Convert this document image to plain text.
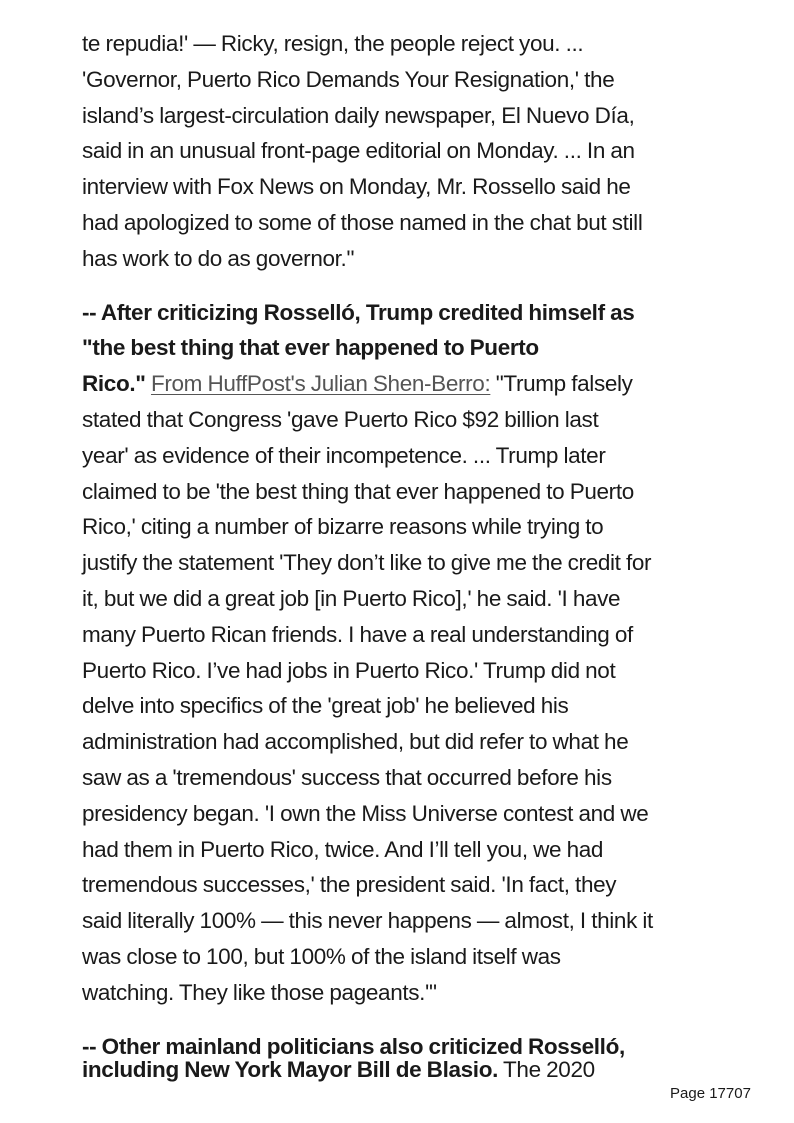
te repudia!' — Ricky, resign, the people reject you. ...
'Governor, Puerto Rico Demands Your Resignation,' the
island’s largest-circulation daily newspaper, El Nuevo Día,
said in an unusual front-page editorial on Monday. ... In an
interview with Fox News on Monday, Mr. Rossello said he
had apologized to some of those named in the chat but still
has work to do as governor."
-- After criticizing Rosselló, Trump credited himself as
"the best thing that ever happened to Puerto
Rico." From HuffPost's Julian Shen-Berro: "Trump falsely
stated that Congress 'gave Puerto Rico $92 billion last
year' as evidence of their incompetence. ... Trump later
claimed to be 'the best thing that ever happened to Puerto
Rico,' citing a number of bizarre reasons while trying to
justify the statement 'They don’t like to give me the credit for
it, but we did a great job [in Puerto Rico],' he said. 'I have
many Puerto Rican friends. I have a real understanding of
Puerto Rico. I’ve had jobs in Puerto Rico.' Trump did not
delve into specifics of the 'great job' he believed his
administration had accomplished, but did refer to what he
saw as a 'tremendous' success that occurred before his
presidency began. 'I own the Miss Universe contest and we
had them in Puerto Rico, twice. And I’ll tell you, we had
tremendous successes,' the president said. 'In fact, they
said literally 100% — this never happens — almost, I think it
was close to 100, but 100% of the island itself was
watching. They like those pageants.'"
-- Other mainland politicians also criticized Rosselló,
including New York Mayor Bill de Blasio. The 2020
Page 17707
